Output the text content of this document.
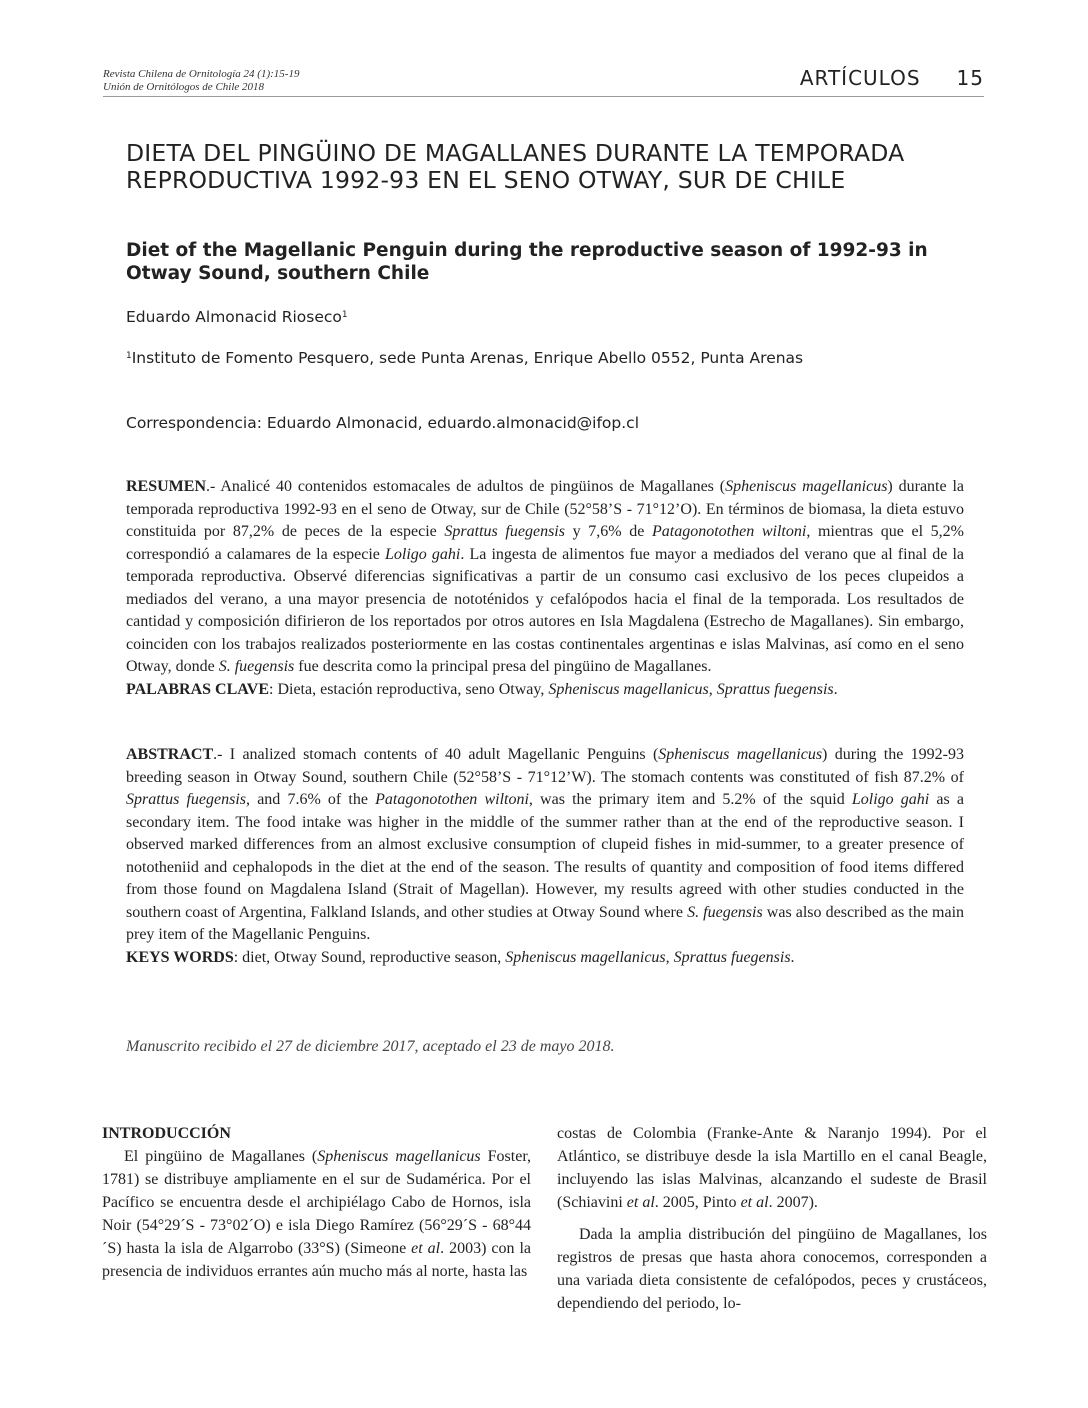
Revista Chilena de Ornitología 24 (1):15-19
Unión de Ornitólogos de Chile 2018	ARTÍCULOS 15
DIETA DEL PINGÜINO DE MAGALLANES DURANTE LA TEMPORADA REPRODUCTIVA 1992-93 EN EL SENO OTWAY, SUR DE CHILE
Diet of the Magellanic Penguin during the reproductive season of 1992-93 in Otway Sound, southern Chile
Eduardo Almonacid Rioseco$^1$
$^1$Instituto de Fomento Pesquero, sede Punta Arenas, Enrique Abello 0552, Punta Arenas
Correspondencia: Eduardo Almonacid, eduardo.almonacid@ifop.cl
RESUMEN.- Analicé 40 contenidos estomacales de adultos de pingüinos de Magallanes (Spheniscus magellanicus) durante la temporada reproductiva 1992-93 en el seno de Otway, sur de Chile (52°58’S - 71°12’O). En términos de biomasa, la dieta estuvo constituida por 87,2% de peces de la especie Sprattus fuegensis y 7,6% de Patagonotothen wiltoni, mientras que el 5,2% correspondió a calamares de la especie Loligo gahi. La ingesta de alimentos fue mayor a mediados del verano que al final de la temporada reproductiva. Observé diferencias significativas a partir de un consumo casi exclusivo de los peces clupeidos a mediados del verano, a una mayor presencia de nototénidos y cefalópodos hacia el final de la temporada. Los resultados de cantidad y composición difirieron de los reportados por otros autores en Isla Magdalena (Estrecho de Magallanes). Sin embargo, coinciden con los trabajos realizados posteriormente en las costas continentales argentinas e islas Malvinas, así como en el seno Otway, donde S. fuegensis fue descrita como la principal presa del pingüino de Magallanes.
PALABRAS CLAVE: Dieta, estación reproductiva, seno Otway, Spheniscus magellanicus, Sprattus fuegensis.
ABSTRACT.- I analized stomach contents of 40 adult Magellanic Penguins (Spheniscus magellanicus) during the 1992-93 breeding season in Otway Sound, southern Chile (52°58’S - 71°12’W). The stomach contents was constituted of fish 87.2% of Sprattus fuegensis, and 7.6% of the Patagonotothen wiltoni, was the primary item and 5.2% of the squid Loligo gahi as a secondary item. The food intake was higher in the middle of the summer rather than at the end of the reproductive season. I observed marked differences from an almost exclusive consumption of clupeid fishes in mid-summer, to a greater presence of nototheniid and cephalopods in the diet at the end of the season. The results of quantity and composition of food items differed from those found on Magdalena Island (Strait of Magellan). However, my results agreed with other studies conducted in the southern coast of Argentina, Falkland Islands, and other studies at Otway Sound where S. fuegensis was also described as the main prey item of the Magellanic Penguins.
KEYS WORDS: diet, Otway Sound, reproductive season, Spheniscus magellanicus, Sprattus fuegensis.
Manuscrito recibido el 27 de diciembre 2017, aceptado el 23 de mayo 2018.

INTRODUCCIÓN

El pingüino de Magallanes (Spheniscus magellanicus Foster, 1781) se distribuye ampliamente en el sur de Sudamérica. Por el Pacífico se encuentra desde el archipiélago Cabo de Hornos, isla Noir (54°29´S - 73°02´O) e isla Diego Ramírez (56°29´S - 68°44´S) hasta la isla de Algarrobo (33°S) (Simeone et al. 2003) con la presencia de individuos errantes aún mucho más al norte, hasta las

costas de Colombia (Franke-Ante & Naranjo 1994). Por el Atlántico, se distribuye desde la isla Martillo en el canal Beagle, incluyendo las islas Malvinas, alcanzando el sudeste de Brasil (Schiavini et al. 2005, Pinto et al. 2007).

Dada la amplia distribución del pingüino de Magallanes, los registros de presas que hasta ahora conocemos, corresponden a una variada dieta consistente de cefalópodos, peces y crustáceos, dependiendo del periodo, lo-
